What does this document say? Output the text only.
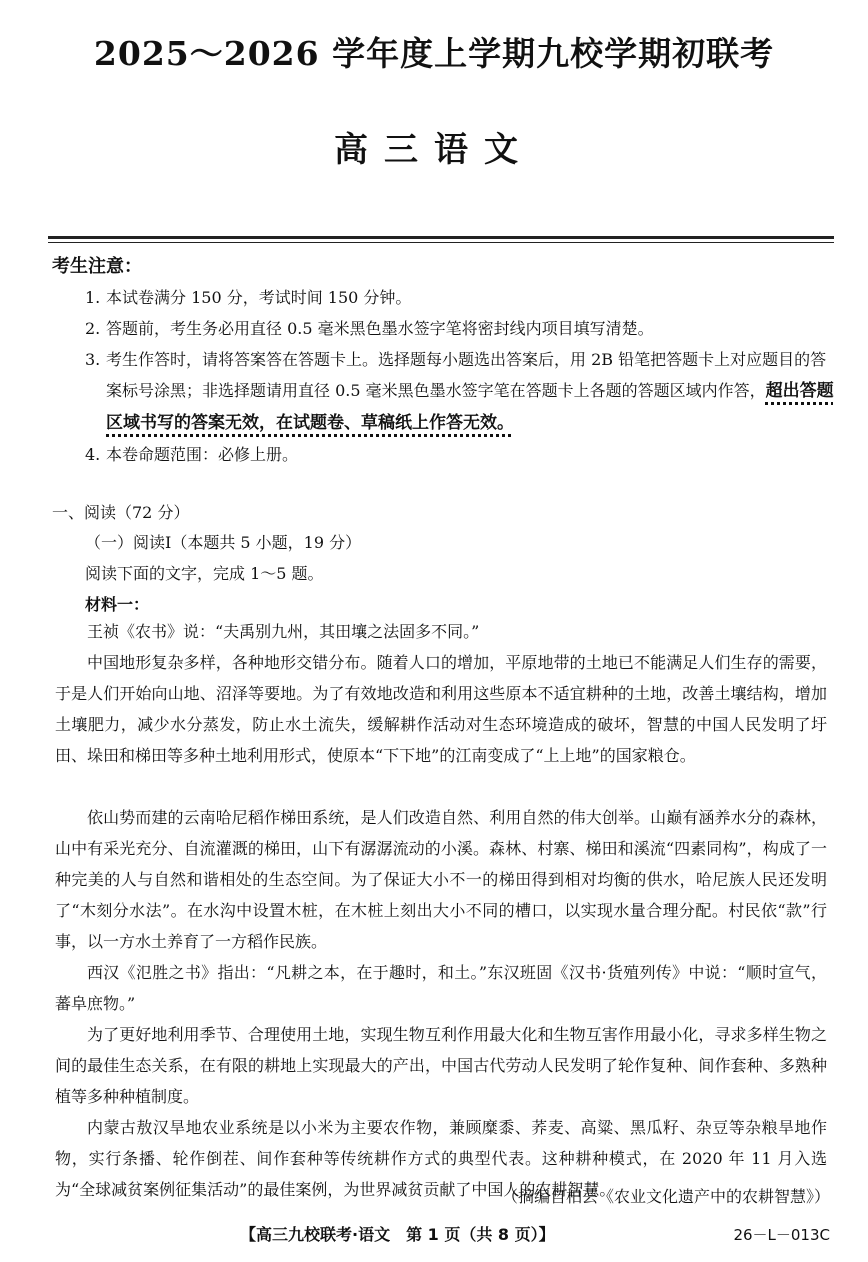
2025～2026 学年度上学期九校学期初联考
高三语文
考生注意：
1. 本试卷满分 150 分，考试时间 150 分钟。
2. 答题前，考生务必用直径 0.5 毫米黑色墨水签字笔将密封线内项目填写清楚。
3. 考生作答时，请将答案答在答题卡上。选择题每小题选出答案后，用 2B 铅笔把答题卡上对应题目的答案标号涂黑；非选择题请用直径 0.5 毫米黑色墨水签字笔在答题卡上各题的答题区域内作答，超出答题区域书写的答案无效，在试题卷、草稿纸上作答无效。
4. 本卷命题范围：必修上册。
一、阅读（72 分）
（一）阅读Ⅰ（本题共 5 小题，19 分）
阅读下面的文字，完成 1～5 题。
材料一：
王祯《农书》说：“夫禹别九州，其田壤之法固多不同。”
中国地形复杂多样，各种地形交错分布。随着人口的增加，平原地带的土地已不能满足人们生存的需要，于是人们开始向山地、沼泽等要地。为了有效地改造和利用这些原本不适宜耕种的土地，改善土壤结构，增加土壤肥力，减少水分蒸发，防止水土流失，缓解耕作活动对生态环境造成的破坏，智慧的中国人民发明了圩田、垛田和梯田等多种土地利用形式，使原本“下下地”的江南变成了“上上地”的国家粮仓。
依山势而建的云南哈尼稻作梯田系统，是人们改造自然、利用自然的伟大创举。山巅有涵养水分的森林，山中有采光充分、自流灌溉的梯田，山下有潺潺流动的小溪。森林、村寨、梯田和溪流“四素同构”，构成了一种完美的人与自然和谐相处的生态空间。为了保证大小不一的梯田得到相对均衡的供水，哈尼族人民还发明了“木刻分水法”。在水沟中设置木桩，在木桩上刻出大小不同的槽口，以实现水量合理分配。村民依“款”行事，以一方水土养育了一方稻作民族。
西汉《氾胜之书》指出：“凡耕之本，在于趣时，和土。”东汉班固《汉书·货殖列传》中说：“顺时宣气，蕃阜庶物。”
为了更好地利用季节、合理使用土地，实现生物互利作用最大化和生物互害作用最小化，寻求多样生物之间的最佳生态关系，在有限的耕地上实现最大的产出，中国古代劳动人民发明了轮作复种、间作套种、多熟种植等多种种植制度。
内蒙古敖汉旱地农业系统是以小米为主要农作物，兼顾糜黍、荞麦、高粱、黑瓜籽、杂豆等杂粮旱地作物，实行条播、轮作倒茬、间作套种等传统耕作方式的典型代表。这种耕种模式，在 2020 年 11 月入选为“全球减贫案例征集活动”的最佳案例，为世界减贫贡献了中国人的农耕智慧。
（摘编自柏芸《农业文化遗产中的农耕智慧》）
【高三九校联考·语文　第 1 页（共 8 页）】	26－L－013C
